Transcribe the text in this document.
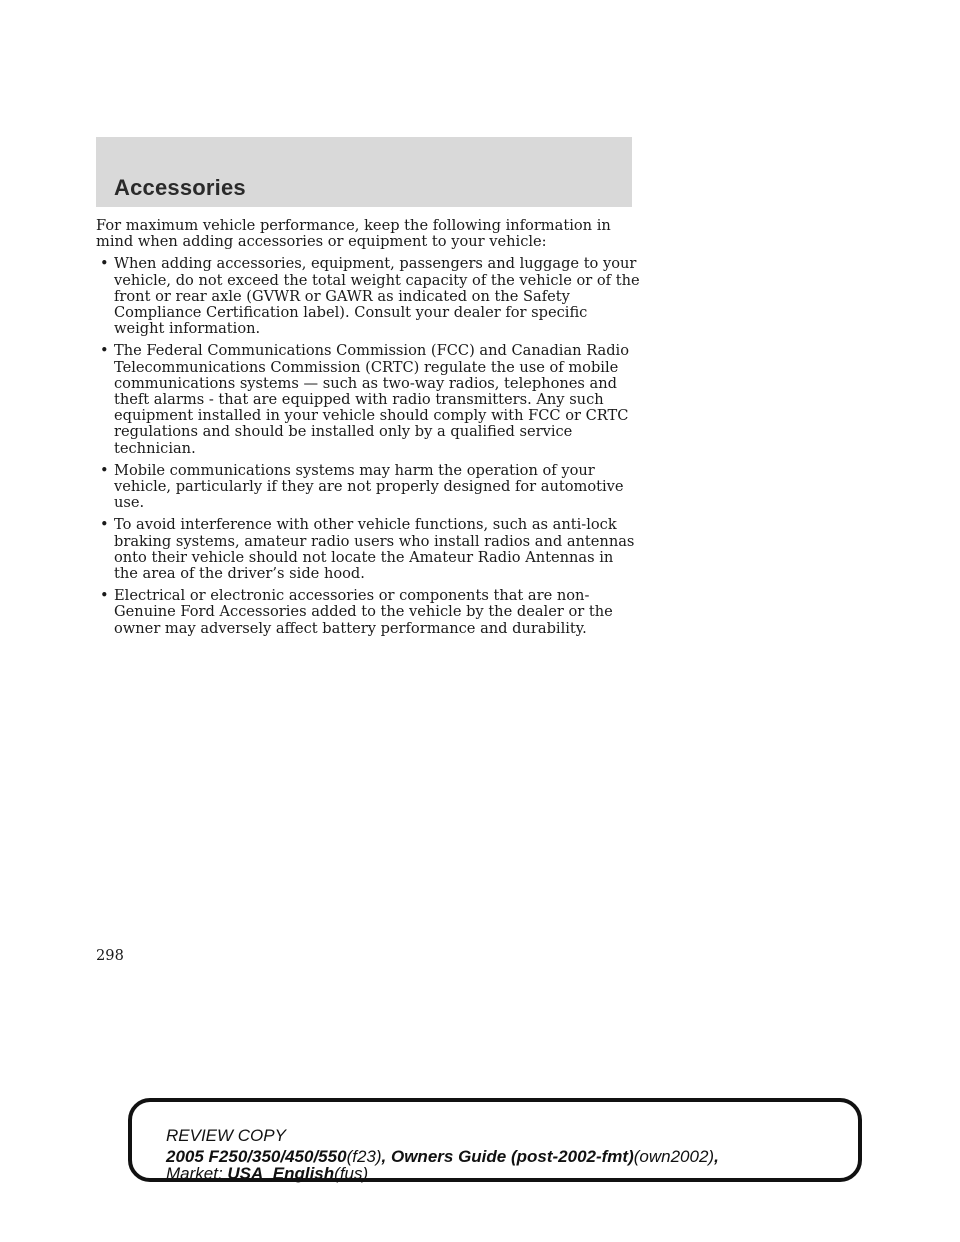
Accessories

For maximum vehicle performance, keep the following information in mind when adding accessories or equipment to your vehicle:

• When adding accessories, equipment, passengers and luggage to your vehicle, do not exceed the total weight capacity of the vehicle or of the front or rear axle (GVWR or GAWR as indicated on the Safety Compliance Certification label). Consult your dealer for specific weight information.
• The Federal Communications Commission (FCC) and Canadian Radio Telecommunications Commission (CRTC) regulate the use of mobile communications systems — such as two-way radios, telephones and theft alarms - that are equipped with radio transmitters. Any such equipment installed in your vehicle should comply with FCC or CRTC regulations and should be installed only by a qualified service technician.
• Mobile communications systems may harm the operation of your vehicle, particularly if they are not properly designed for automotive use.
• To avoid interference with other vehicle functions, such as anti-lock braking systems, amateur radio users who install radios and antennas onto their vehicle should not locate the Amateur Radio Antennas in the area of the driver’s side hood.
• Electrical or electronic accessories or components that are non-Genuine Ford Accessories added to the vehicle by the dealer or the owner may adversely affect battery performance and durability.
298
REVIEW COPY
2005 F250/350/450/550(f23), Owners Guide (post-2002-fmt)(own2002),
Market: USA_English(fus)
